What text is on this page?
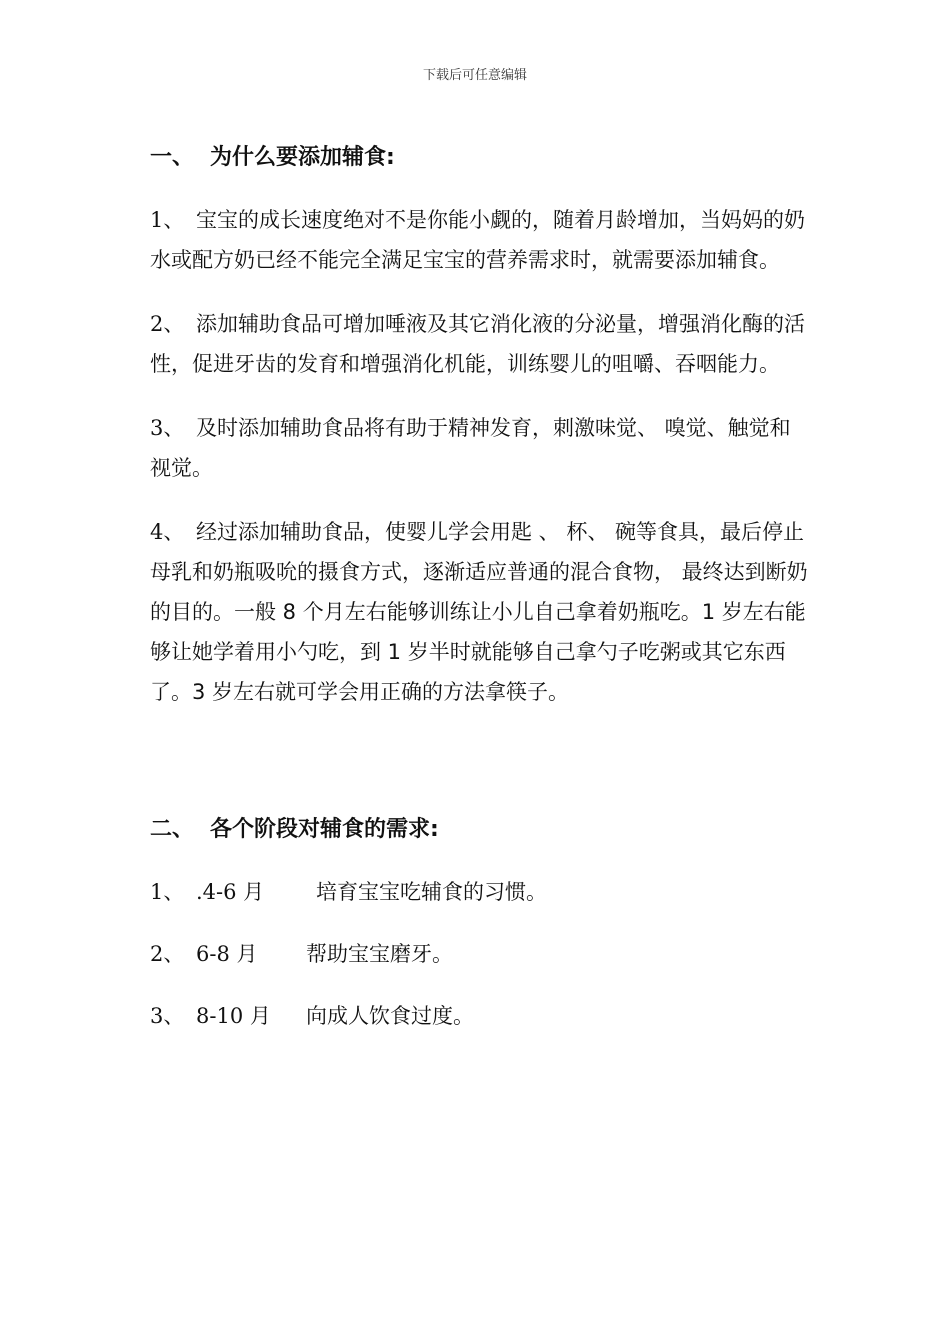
下载后可任意编辑
一、 为什么要添加辅食:

1、 宝宝的成长速度绝对不是你能小觑的，随着月龄增加，当妈妈的奶水或配方奶已经不能完全满足宝宝的营养需求时，就需要添加辅食。

2、 添加辅助食品可增加唾液及其它消化液的分泌量，增强消化酶的活性，促进牙齿的发育和增强消化机能，训练婴儿的咀嚼、吞咽能力。

3、 及时添加辅助食品将有助于精神发育，刺激味觉、 嗅觉、触觉和视觉。

4、 经过添加辅助食品，使婴儿学会用匙 、 杯、 碗等食具，最后停止母乳和奶瓶吸吮的摄食方式，逐渐适应普通的混合食物， 最终达到断奶的目的。一般 8 个月左右能够训练让小儿自己拿着奶瓶吃。1 岁左右能够让她学着用小勺吃，到 1 岁半时就能够自己拿勺子吃粥或其它东西了。3 岁左右就可学会用正确的方法拿筷子。

二、 各个阶段对辅食的需求:

1、 .4-6 月 培育宝宝吃辅食的习惯。

2、 6-8 月 帮助宝宝磨牙。

3、 8-10 月 向成人饮食过度。
